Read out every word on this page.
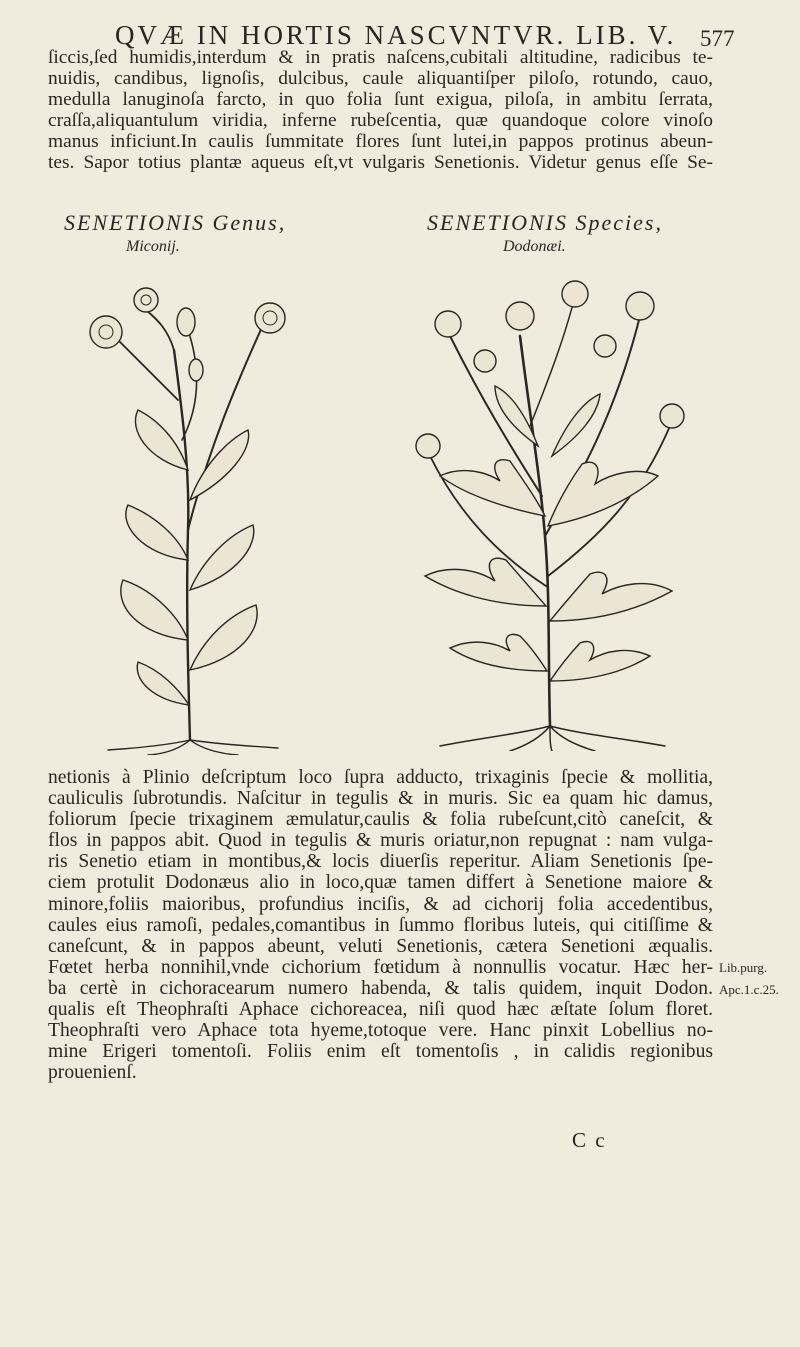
QVÆ IN HORTIS NASCVNTVR. LIB. V. 577

ſiccis,ſed humidis,interdum & in pratis naſcens,cubitali altitudine, radicibus te-
nuidis, candibus, lignoſis, dulcibus, caule aliquantiſper piloſo, rotundo, cauo,
medulla lanuginoſa farcto, in quo folia ſunt exigua, piloſa, in ambitu ſerrata,
craſſa,aliquantulum viridia, inferne rubeſcentia, quæ quandoque colore vinoſo
manus inficiunt.In caulis ſummitate flores ſunt lutei,in pappos protinus abeun-
tes. Sapor totius plantæ aqueus eſt,vt vulgaris Senetionis. Videtur genus eſſe Se-

SENETIONIS Genus,
Miconij.
SENETIONIS Species,
Dodonæi.

netionis à Plinio deſcriptum loco ſupra adducto, trixaginis ſpecie & mollitia,
cauliculis ſubrotundis. Naſcitur in tegulis & in muris. Sic ea quam hic damus,
foliorum ſpecie trixaginem æmulatur,caulis & folia rubeſcunt,citò caneſcit, &
flos in pappos abit. Quod in tegulis & muris oriatur,non repugnat : nam vulga-
ris Senetio etiam in montibus,& locis diuerſis reperitur. Aliam Senetionis ſpe-
ciem protulit Dodonæus alio in loco,quæ tamen differt à Senetione maiore &
minore,foliis maioribus, profundius inciſis, & ad cichorij folia accedentibus,
caules eius ramoſi, pedales,comantibus in ſummo floribus luteis, qui citiſſime &
caneſcunt, & in pappos abeunt, veluti Senetionis, cætera Senetioni æqualis.
Fœtet herba nonnihil,vnde cichorium fœtidum à nonnullis vocatur. Hæc her-
ba certè in cichoracearum numero habenda, & talis quidem, inquit Dodon.
qualis eſt Theophraſti Aphace cichoreacea, niſi quod hæc æſtate ſolum floret.
Theophraſti vero Aphace tota hyeme,totoque vere. Hanc pinxit Lobellius no-
mine Erigeri tomentoſi. Foliis enim eſt tomentoſis , in calidis regionibus
prouenienſ.

Lib.purg.
Apc.1.c.25.
C c
